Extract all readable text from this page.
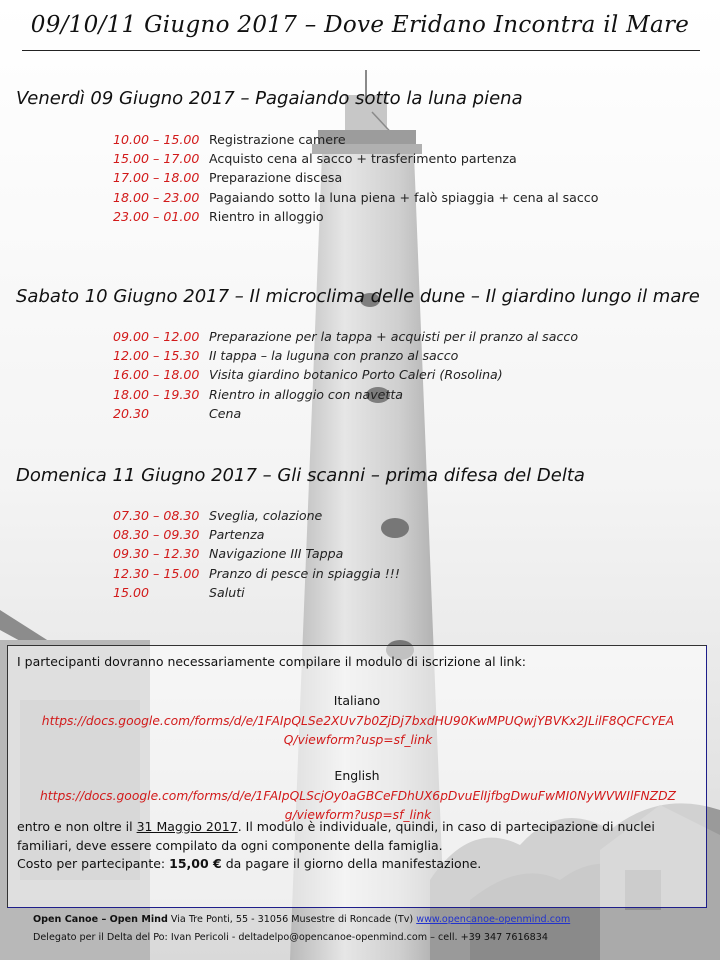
09/10/11 Giugno 2017 – Dove Eridano Incontra il Mare
Venerdì 09 Giugno 2017 – Pagaiando sotto la luna piena
10.00 – 15.00 Registrazione camere
15.00 – 17.00 Acquisto cena al sacco + trasferimento partenza
17.00 – 18.00 Preparazione discesa
18.00 – 23.00 Pagaiando sotto la luna piena + falò spiaggia + cena al sacco
23.00 – 01.00 Rientro in alloggio
Sabato 10 Giugno 2017 – Il microclima delle dune – Il giardino lungo il mare
09.00 – 12.00 Preparazione per la tappa + acquisti per il pranzo al sacco
12.00 – 15.30 II tappa – la luguna con pranzo al sacco
16.00 – 18.00 Visita giardino botanico Porto Caleri (Rosolina)
18.00 – 19.30 Rientro in alloggio con navetta
20.30	Cena
Domenica 11 Giugno 2017 – Gli scanni – prima difesa del Delta
07.30 – 08.30 Sveglia, colazione
08.30 – 09.30 Partenza
09.30 – 12.30 Navigazione III Tappa
12.30 – 15.00 Pranzo di pesce in spiaggia !!!
15.00	Saluti
I partecipanti dovranno necessariamente compilare il modulo di iscrizione al link:
Italiano
https://docs.google.com/forms/d/e/1FAIpQLSe2XUv7b0ZjDj7bxdHU90KwMPUQwjYBVKx2JLilF8QCFCYEA
Q/viewform?usp=sf_link
English
https://docs.google.com/forms/d/e/1FAIpQLScjOy0aGBCeFDhUX6pDvuElIjfbgDwuFwMI0NyWVWIlFNZDZ
g/viewform?usp=sf_link
entro e non oltre il 31 Maggio 2017. Il modulo è individuale, quindi, in caso di partecipazione di nuclei familiari, deve essere compilato da ogni componente della famiglia.
Costo per partecipante: 15,00 € da pagare il giorno della manifestazione.
Open Canoe – Open Mind Via Tre Ponti, 55 - 31056 Musestre di Roncade (Tv) www.opencanoe-openmind.com
Delegato per il Delta del Po: Ivan Pericoli - deltadelpo@opencanoe-openmind.com – cell. +39 347 7616834
